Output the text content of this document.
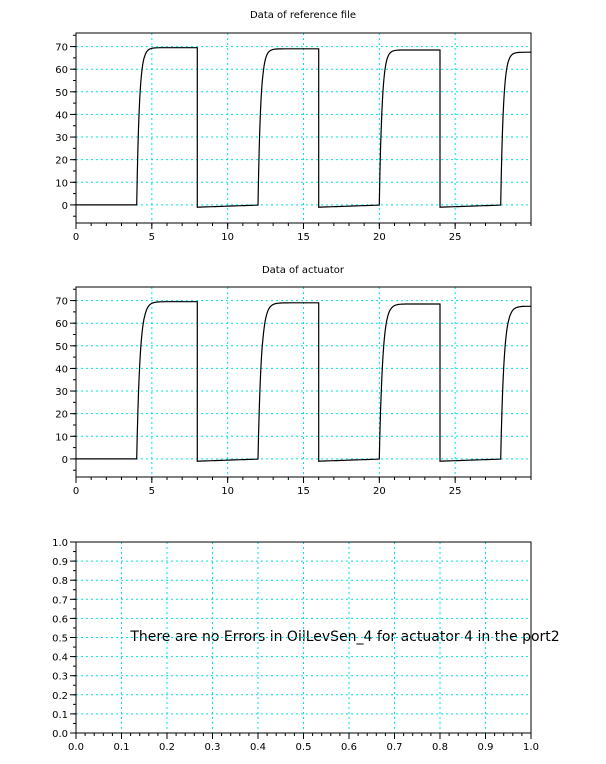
Data of reference file
0	5	10	15	20	25
0
10
20
30
40
50
60
70
Data of actuator
0	5	10	15	20	25
0
10
20
30
40
50
60
70
There are no Errors in OilLevSen_4 for actuator 4 in the port2
0.0	0.1	0.2	0.3	0.4	0.5	0.6	0.7	0.8	0.9	1.0
0.0
0.1
0.2
0.3
0.4
0.5
0.6
0.7
0.8
0.9
1.0
